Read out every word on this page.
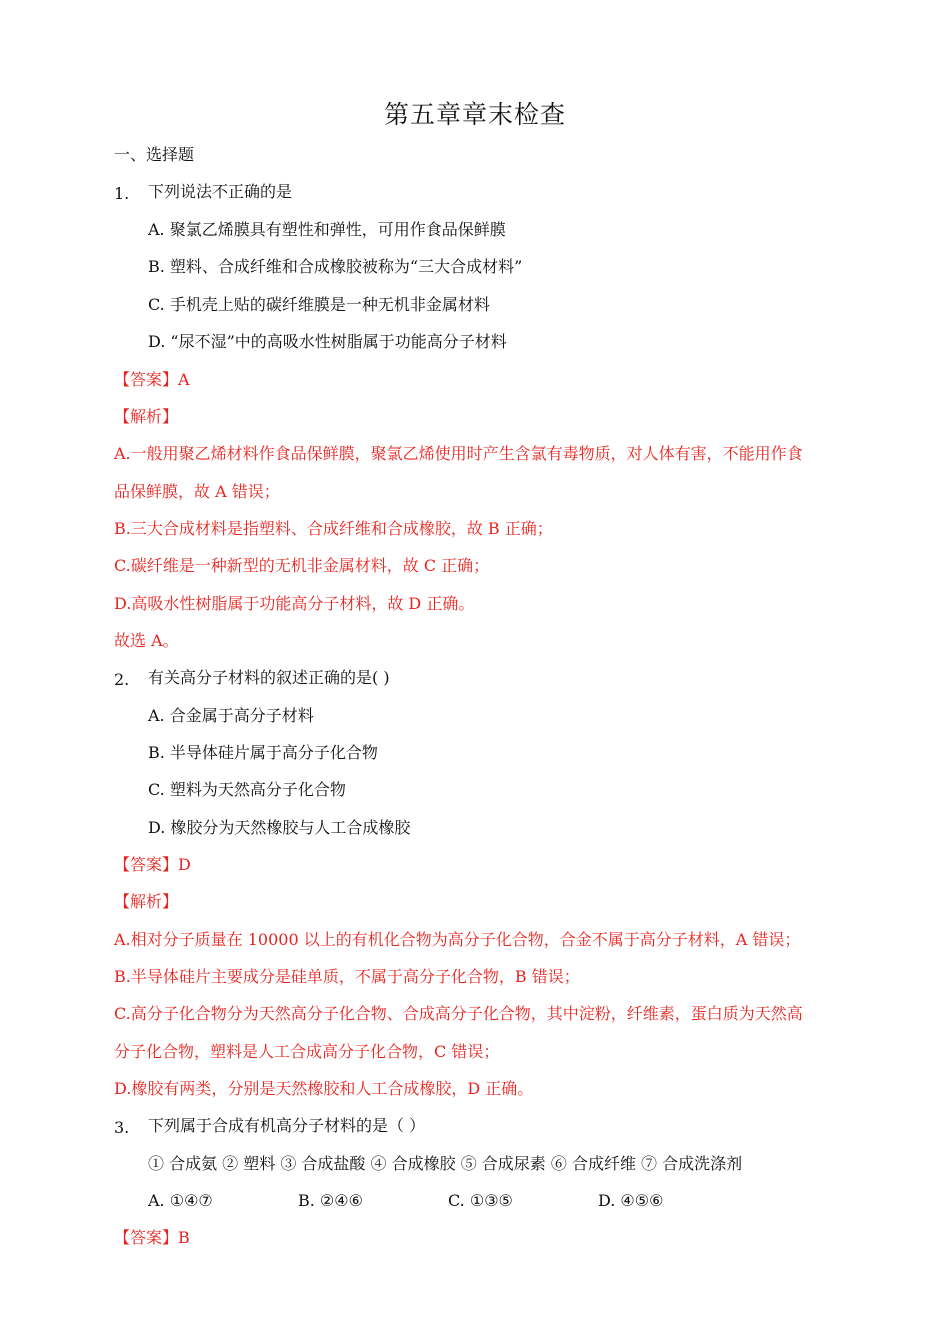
第五章章末检查
一、选择题
1. 下列说法不正确的是
A. 聚氯乙烯膜具有塑性和弹性，可用作食品保鲜膜
B. 塑料、合成纤维和合成橡胶被称为“三大合成材料”
C. 手机壳上贴的碳纤维膜是一种无机非金属材料
D. “尿不湿”中的高吸水性树脂属于功能高分子材料
【答案】A
【解析】
A.一般用聚乙烯材料作食品保鲜膜，聚氯乙烯使用时产生含氯有毒物质，对人体有害，不能用作食
品保鲜膜，故 A 错误；
B.三大合成材料是指塑料、合成纤维和合成橡胶，故 B 正确；
C.碳纤维是一种新型的无机非金属材料，故 C 正确；
D.高吸水性树脂属于功能高分子材料，故 D 正确。
故选 A。
2. 有关高分子材料的叙述正确的是( )
A. 合金属于高分子材料
B. 半导体硅片属于高分子化合物
C. 塑料为天然高分子化合物
D. 橡胶分为天然橡胶与人工合成橡胶
【答案】D
【解析】
A.相对分子质量在 10000 以上的有机化合物为高分子化合物，合金不属于高分子材料，A 错误；
B.半导体硅片主要成分是硅单质，不属于高分子化合物，B 错误；
C.高分子化合物分为天然高分子化合物、合成高分子化合物，其中淀粉，纤维素，蛋白质为天然高
分子化合物，塑料是人工合成高分子化合物，C 错误；
D.橡胶有两类，分别是天然橡胶和人工合成橡胶，D 正确。
3. 下列属于合成有机高分子材料的是（ ）
① 合成氨 ② 塑料 ③ 合成盐酸 ④ 合成橡胶 ⑤ 合成尿素 ⑥ 合成纤维 ⑦ 合成洗涤剂
A. ①④⑦	B. ②④⑥	C. ①③⑤	D. ④⑤⑥
【答案】B
